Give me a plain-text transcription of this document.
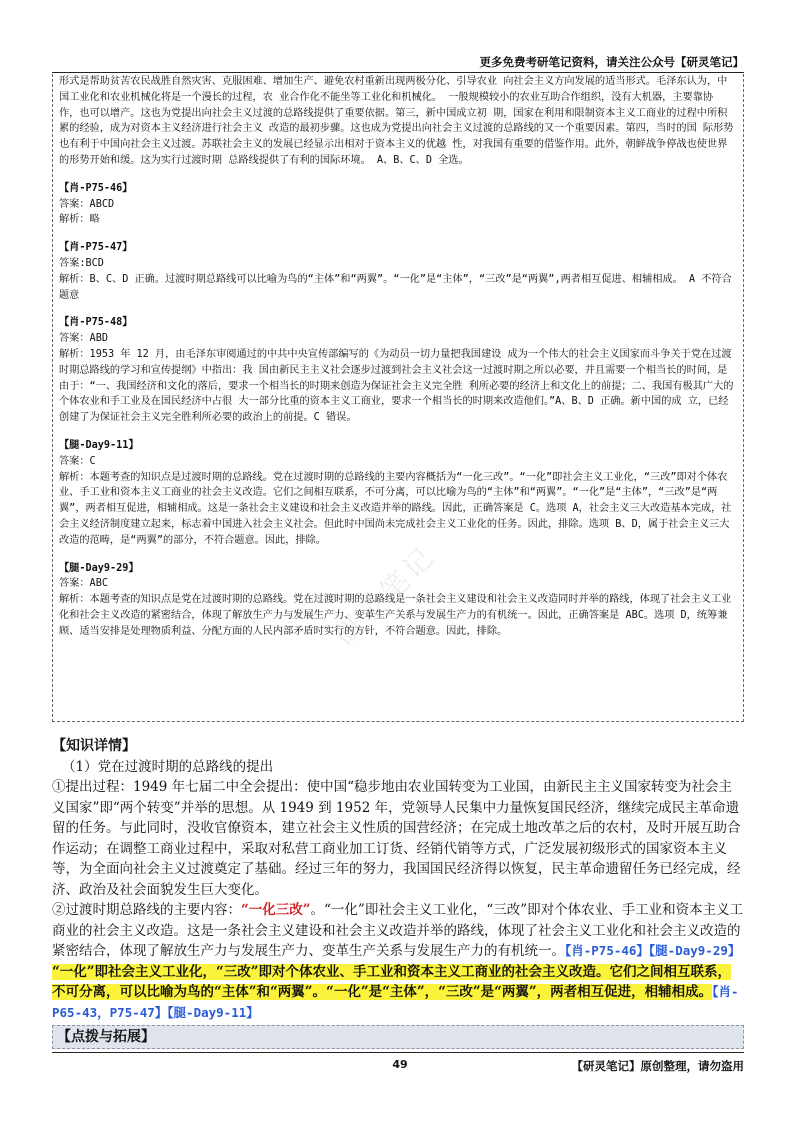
更多免费考研笔记资料，请关注公众号【研灵笔记】
研灵笔记

形式是帮助贫苦农民战胜自然灾害、克服困难、增加生产、避免农村重新出现两极分化、引导农业 向社会主义方向发展的适当形式。毛泽东认为，中国工业化和农业机械化将是一个漫长的过程，农 业合作化不能坐等工业化和机械化。 一般规模较小的农业互助合作组织，没有大机器，主要靠协 作，也可以增产。这也为党提出向社会主义过渡的总路线提供了重要依据。第三，新中国成立初 期，国家在利用和限制资本主义工商业的过程中所积累的经验，成为对资本主义经济进行社会主义 改造的最初步骤。这也成为党提出向社会主义过渡的总路线的又一个重要因素。第四，当时的国 际形势也有利于中国向社会主义过渡。苏联社会主义的发展已经显示出相对于资本主义的优越 性，对我国有重要的借鉴作用。此外，朝鲜战争停战也使世界的形势开始和缓。这为实行过渡时期 总路线提供了有利的国际环境。 A、B、C、D 全选。

【肖-P75-46】

答案：ABCD

解析：略

【肖-P75-47】

答案:BCD

解析：B、C、D 正确。过渡时期总路线可以比喻为鸟的“主体”和“两翼”。“一化”是“主体”，“三改”是“两翼”,两者相互促进、相辅相成。 A 不符合题意

【肖-P75-48】

答案：ABD

解析：1953 年 12 月，由毛泽东审阅通过的中共中央宣传部编写的《为动员一切力量把我国建设 成为一个伟大的社会主义国家而斗争关于党在过渡时期总路线的学习和宣传提纲》中指出：我 国由新民主主义社会逐步过渡到社会主义社会这一过渡时期之所以必要，并且需要一个相当长的时间，是由于：“一、我国经济和文化的落后，要求一个相当长的时期来创造为保证社会主义完全胜 利所必要的经济上和文化上的前提；二、我国有极其广大的个体农业和手工业及在国民经济中占很 大一部分比重的资本主义工商业，要求一个相当长的时期来改造他们。”A、B、D 正确。新中国的成 立，已经创建了为保证社会主义完全胜利所必要的政治上的前提。C 错误。

【腿-Day9-11】

答案：C

解析：本题考查的知识点是过渡时期的总路线。党在过渡时期的总路线的主要内容概括为“一化三改”。“一化”即社会主义工业化，“三改”即对个体农业、手工业和资本主义工商业的社会主义改造。它们之间相互联系，不可分离，可以比喻为鸟的“主体”和“两翼”。“一化”是“主体”，“三改”是“两翼”，两者相互促进，相辅相成。这是一条社会主义建设和社会主义改造并举的路线。因此，正确答案是 C。选项 A，社会主义三大改造基本完成，社会主义经济制度建立起来，标志着中国进入社会主义社会。但此时中国尚未完成社会主义工业化的任务。因此，排除。选项 B、D，属于社会主义三大改造的范畴，是“两翼”的部分，不符合题意。因此，排除。

【腿-Day9-29】

答案：ABC

解析：本题考查的知识点是党在过渡时期的总路线。党在过渡时期的总路线是一条社会主义建设和社会主义改造同时并举的路线，体现了社会主义工业化和社会主义改造的紧密结合，体现了解放生产力与发展生产力、变革生产关系与发展生产力的有机统一。因此，正确答案是 ABC。选项 D，统筹兼顾、适当安排是处理物质利益、分配方面的人民内部矛盾时实行的方针，不符合题意。因此，排除。

【知识详情】

（1）党在过渡时期的总路线的提出

①提出过程：1949 年七届二中全会提出：使中国“稳步地由农业国转变为工业国，由新民主主义国家转变为社会主义国家”即“两个转变”并举的思想。从 1949 到 1952 年，党领导人民集中力量恢复国民经济，继续完成民主革命遗留的任务。与此同时，没收官僚资本，建立社会主义性质的国营经济；在完成土地改革之后的农村，及时开展互助合作运动；在调整工商业过程中，采取对私营工商业加工订货、经销代销等方式，广泛发展初级形式的国家资本主义等，为全面向社会主义过渡奠定了基础。经过三年的努力，我国国民经济得以恢复，民主革命遗留任务已经完成，经济、政治及社会面貌发生巨大变化。

②过渡时期总路线的主要内容：“一化三改”。“一化”即社会主义工业化，“三改”即对个体农业、手工业和资本主义工商业的社会主义改造。这是一条社会主义建设和社会主义改造并举的路线，体现了社会主义工业化和社会主义改造的紧密结合，体现了解放生产力与发展生产力、变革生产关系与发展生产力的有机统一。【肖-P75-46】【腿-Day9-29】

“一化”即社会主义工业化，“三改”即对个体农业、手工业和资本主义工商业的社会主义改造。它们之间相互联系，不可分离，可以比喻为鸟的“主体”和“两翼”。“一化”是“主体”，“三改”是“两翼”，两者相互促进，相辅相成。【肖-P65-43，P75-47】【腿-Day9-11】

【点拨与拓展】
49	【研灵笔记】原创整理，请勿盗用
